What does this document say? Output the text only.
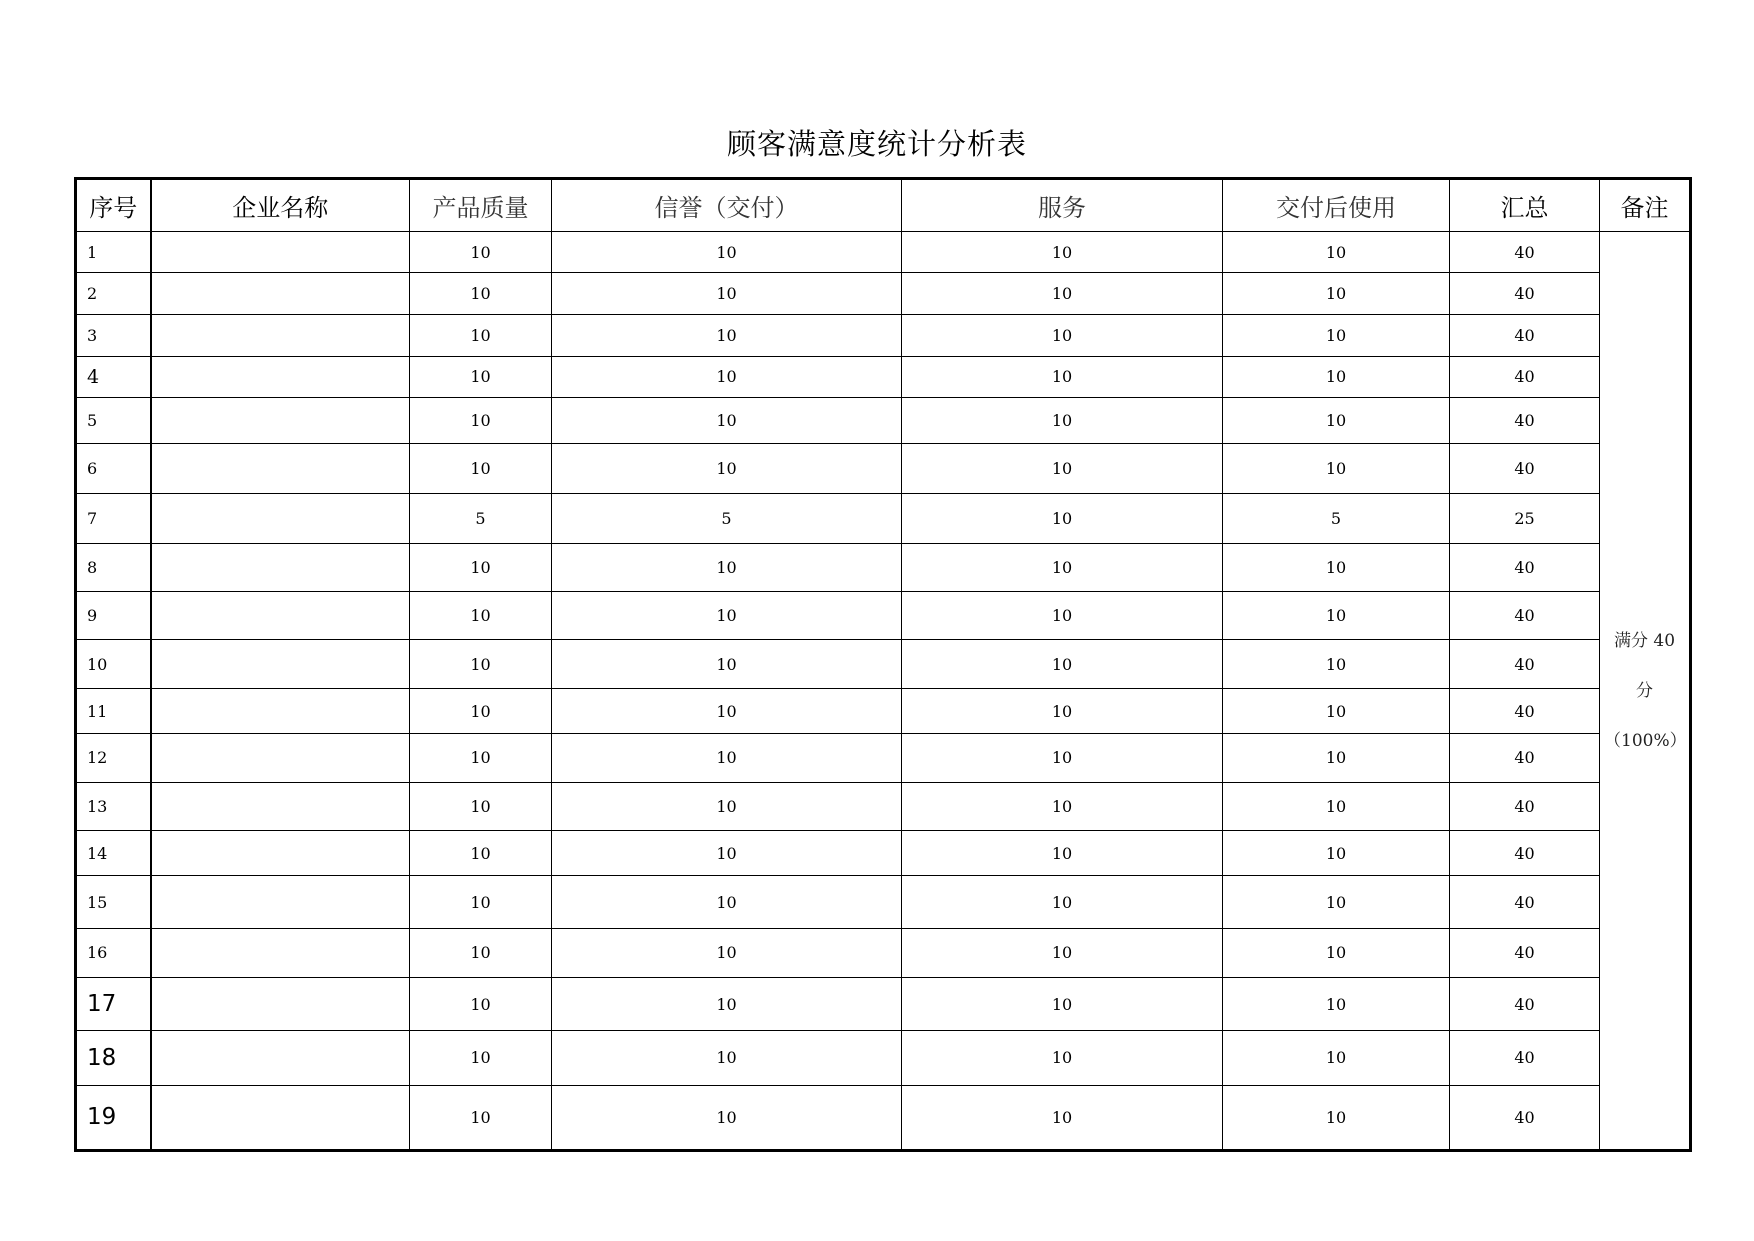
顾客满意度统计分析表
序号	企业名称	产品质量	信誉（交付）	服务	交付后使用	汇总	备注
1		10	10	10	10	40	满分 40
分
（100%）

2		10	10	10	10	40	
3		10	10	10	10	40	
4		10	10	10	10	40	
5		10	10	10	10	40	
6		10	10	10	10	40	
7		5	5	10	5	25	
8		10	10	10	10	40	
9		10	10	10	10	40	
10		10	10	10	10	40	
11		10	10	10	10	40	
12		10	10	10	10	40	
13		10	10	10	10	40	
14		10	10	10	10	40	
15		10	10	10	10	40	
16		10	10	10	10	40	
17		10	10	10	10	40	
18		10	10	10	10	40	
19		10	10	10	10	40	
